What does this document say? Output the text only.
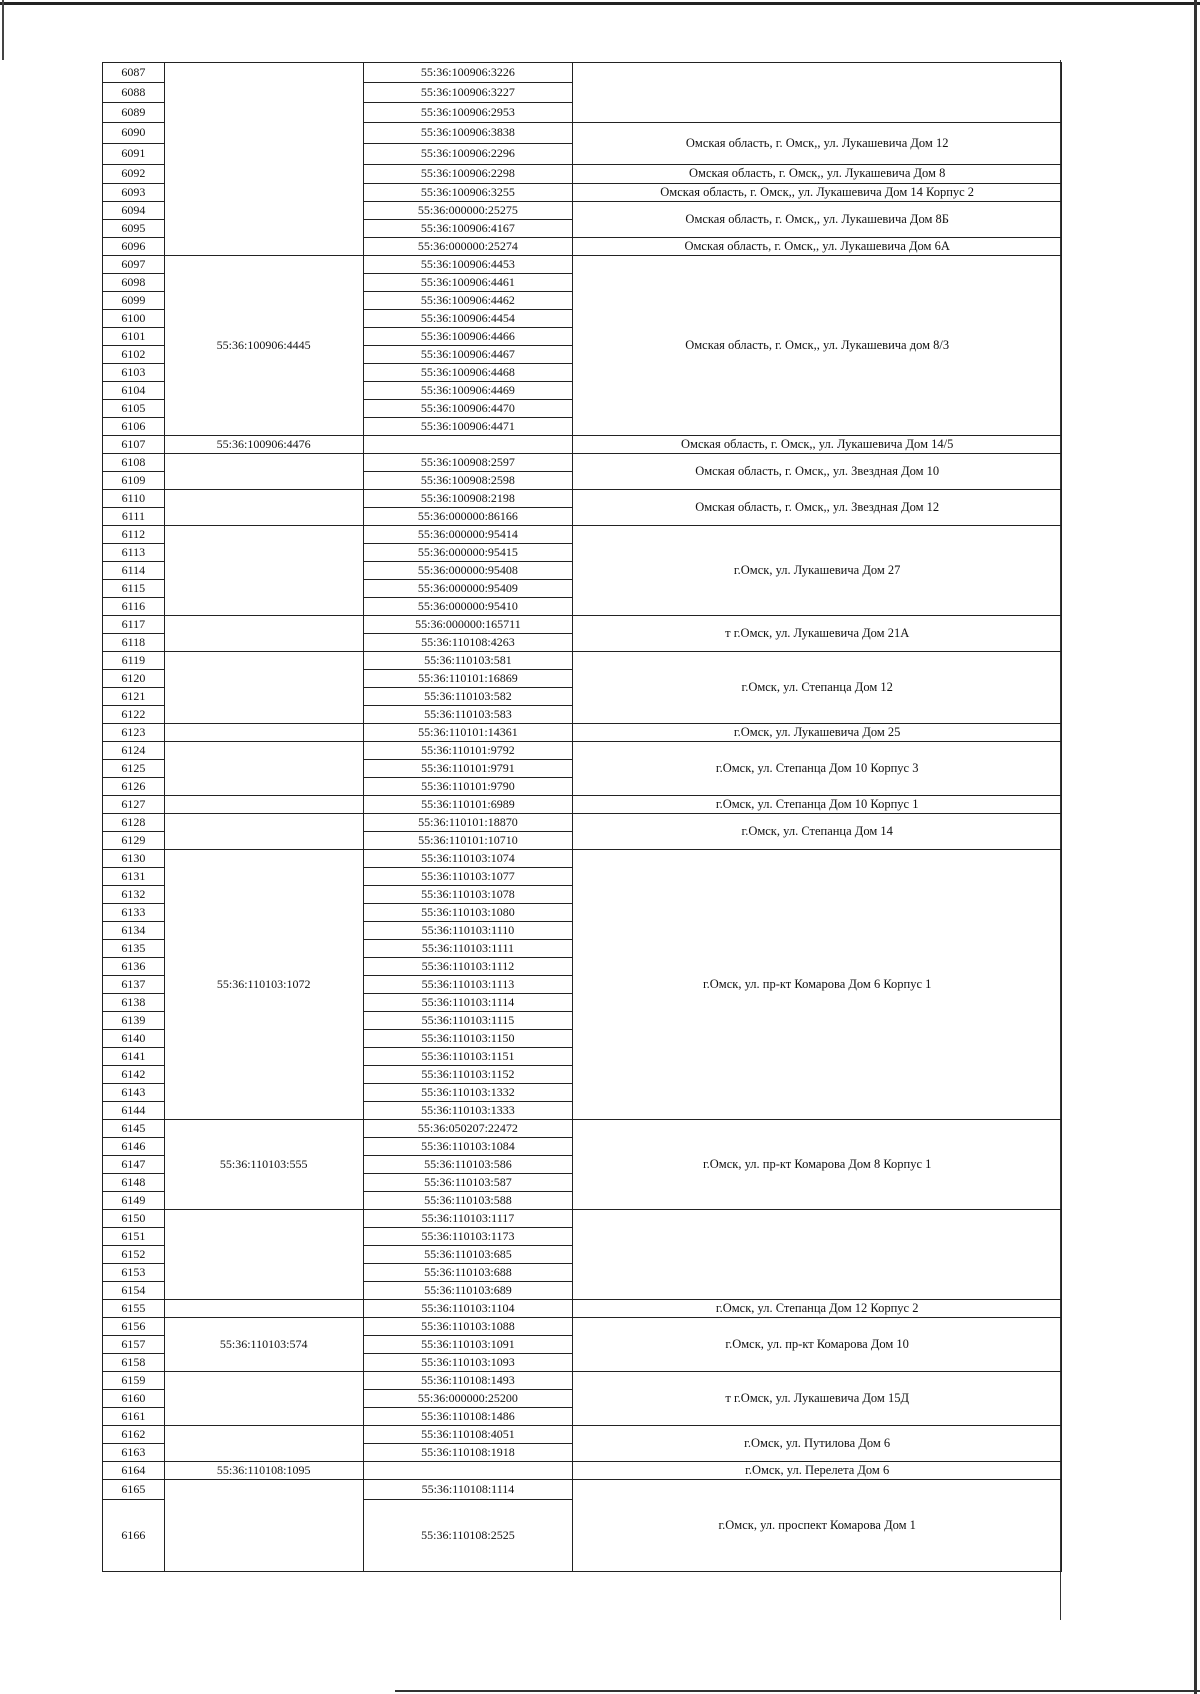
6087		55:36:100906:3226	
6088		55:36:100906:3227	
6089		55:36:100906:2953	
6090		55:36:100906:3838	Омская область, г. Омск,, ул. Лукашевича Дом 12
6091		55:36:100906:2296	
6092		55:36:100906:2298	Омская область, г. Омск,, ул. Лукашевича Дом 8
6093		55:36:100906:3255	Омская область, г. Омск,, ул. Лукашевича Дом 14 Корпус 2
6094		55:36:000000:25275	Омская область, г. Омск,, ул. Лукашевича Дом 8Б
6095		55:36:100906:4167	
6096		55:36:000000:25274	Омская область, г. Омск,, ул. Лукашевича Дом 6А
6097	55:36:100906:4445	55:36:100906:4453	Омская область, г. Омск,, ул. Лукашевича дом 8/3
6098		55:36:100906:4461	
6099		55:36:100906:4462	
6100		55:36:100906:4454	
6101		55:36:100906:4466	
6102		55:36:100906:4467	
6103		55:36:100906:4468	
6104		55:36:100906:4469	
6105		55:36:100906:4470	
6106		55:36:100906:4471	
6107	55:36:100906:4476		Омская область, г. Омск,, ул. Лукашевича Дом 14/5
6108		55:36:100908:2597	Омская область, г. Омск,, ул. Звездная Дом 10
6109		55:36:100908:2598	
6110		55:36:100908:2198	Омская область, г. Омск,, ул. Звездная Дом 12
6111		55:36:000000:86166	
6112		55:36:000000:95414	г.Омск, ул. Лукашевича Дом 27
6113		55:36:000000:95415	
6114		55:36:000000:95408	
6115		55:36:000000:95409	
6116		55:36:000000:95410	
6117		55:36:000000:165711	т г.Омск, ул. Лукашевича Дом 21А
6118		55:36:110108:4263	
6119		55:36:110103:581	г.Омск, ул. Степанца Дом 12
6120		55:36:110101:16869	
6121		55:36:110103:582	
6122		55:36:110103:583	
6123		55:36:110101:14361	г.Омск, ул. Лукашевича Дом 25
6124		55:36:110101:9792	г.Омск, ул. Степанца Дом 10 Корпус 3
6125		55:36:110101:9791	
6126		55:36:110101:9790	
6127		55:36:110101:6989	г.Омск, ул. Степанца Дом 10 Корпус 1
6128		55:36:110101:18870	г.Омск, ул. Степанца Дом 14
6129		55:36:110101:10710	
6130	55:36:110103:1072	55:36:110103:1074	г.Омск, ул. пр-кт Комарова Дом 6 Корпус 1
6131		55:36:110103:1077	
6132		55:36:110103:1078	
6133		55:36:110103:1080	
6134		55:36:110103:1110	
6135		55:36:110103:1111	
6136		55:36:110103:1112	
6137		55:36:110103:1113	
6138		55:36:110103:1114	
6139		55:36:110103:1115	
6140		55:36:110103:1150	
6141		55:36:110103:1151	
6142		55:36:110103:1152	
6143		55:36:110103:1332	
6144		55:36:110103:1333	
6145	55:36:110103:555	55:36:050207:22472	г.Омск, ул. пр-кт Комарова Дом 8 Корпус 1
6146		55:36:110103:1084	
6147		55:36:110103:586	
6148		55:36:110103:587	
6149		55:36:110103:588	
6150		55:36:110103:1117	
6151		55:36:110103:1173	
6152		55:36:110103:685	
6153		55:36:110103:688	
6154		55:36:110103:689	
6155		55:36:110103:1104	г.Омск, ул. Степанца Дом 12 Корпус 2
6156	55:36:110103:574	55:36:110103:1088	г.Омск, ул. пр-кт Комарова Дом 10
6157		55:36:110103:1091	
6158		55:36:110103:1093	
6159		55:36:110108:1493	т г.Омск, ул. Лукашевича Дом 15Д
6160		55:36:000000:25200	
6161		55:36:110108:1486	
6162		55:36:110108:4051	г.Омск, ул. Путилова Дом 6
6163		55:36:110108:1918	
6164	55:36:110108:1095		г.Омск, ул. Перелета Дом 6
6165		55:36:110108:1114	г.Омск, ул. проспект Комарова Дом 1
6166		55:36:110108:2525	
